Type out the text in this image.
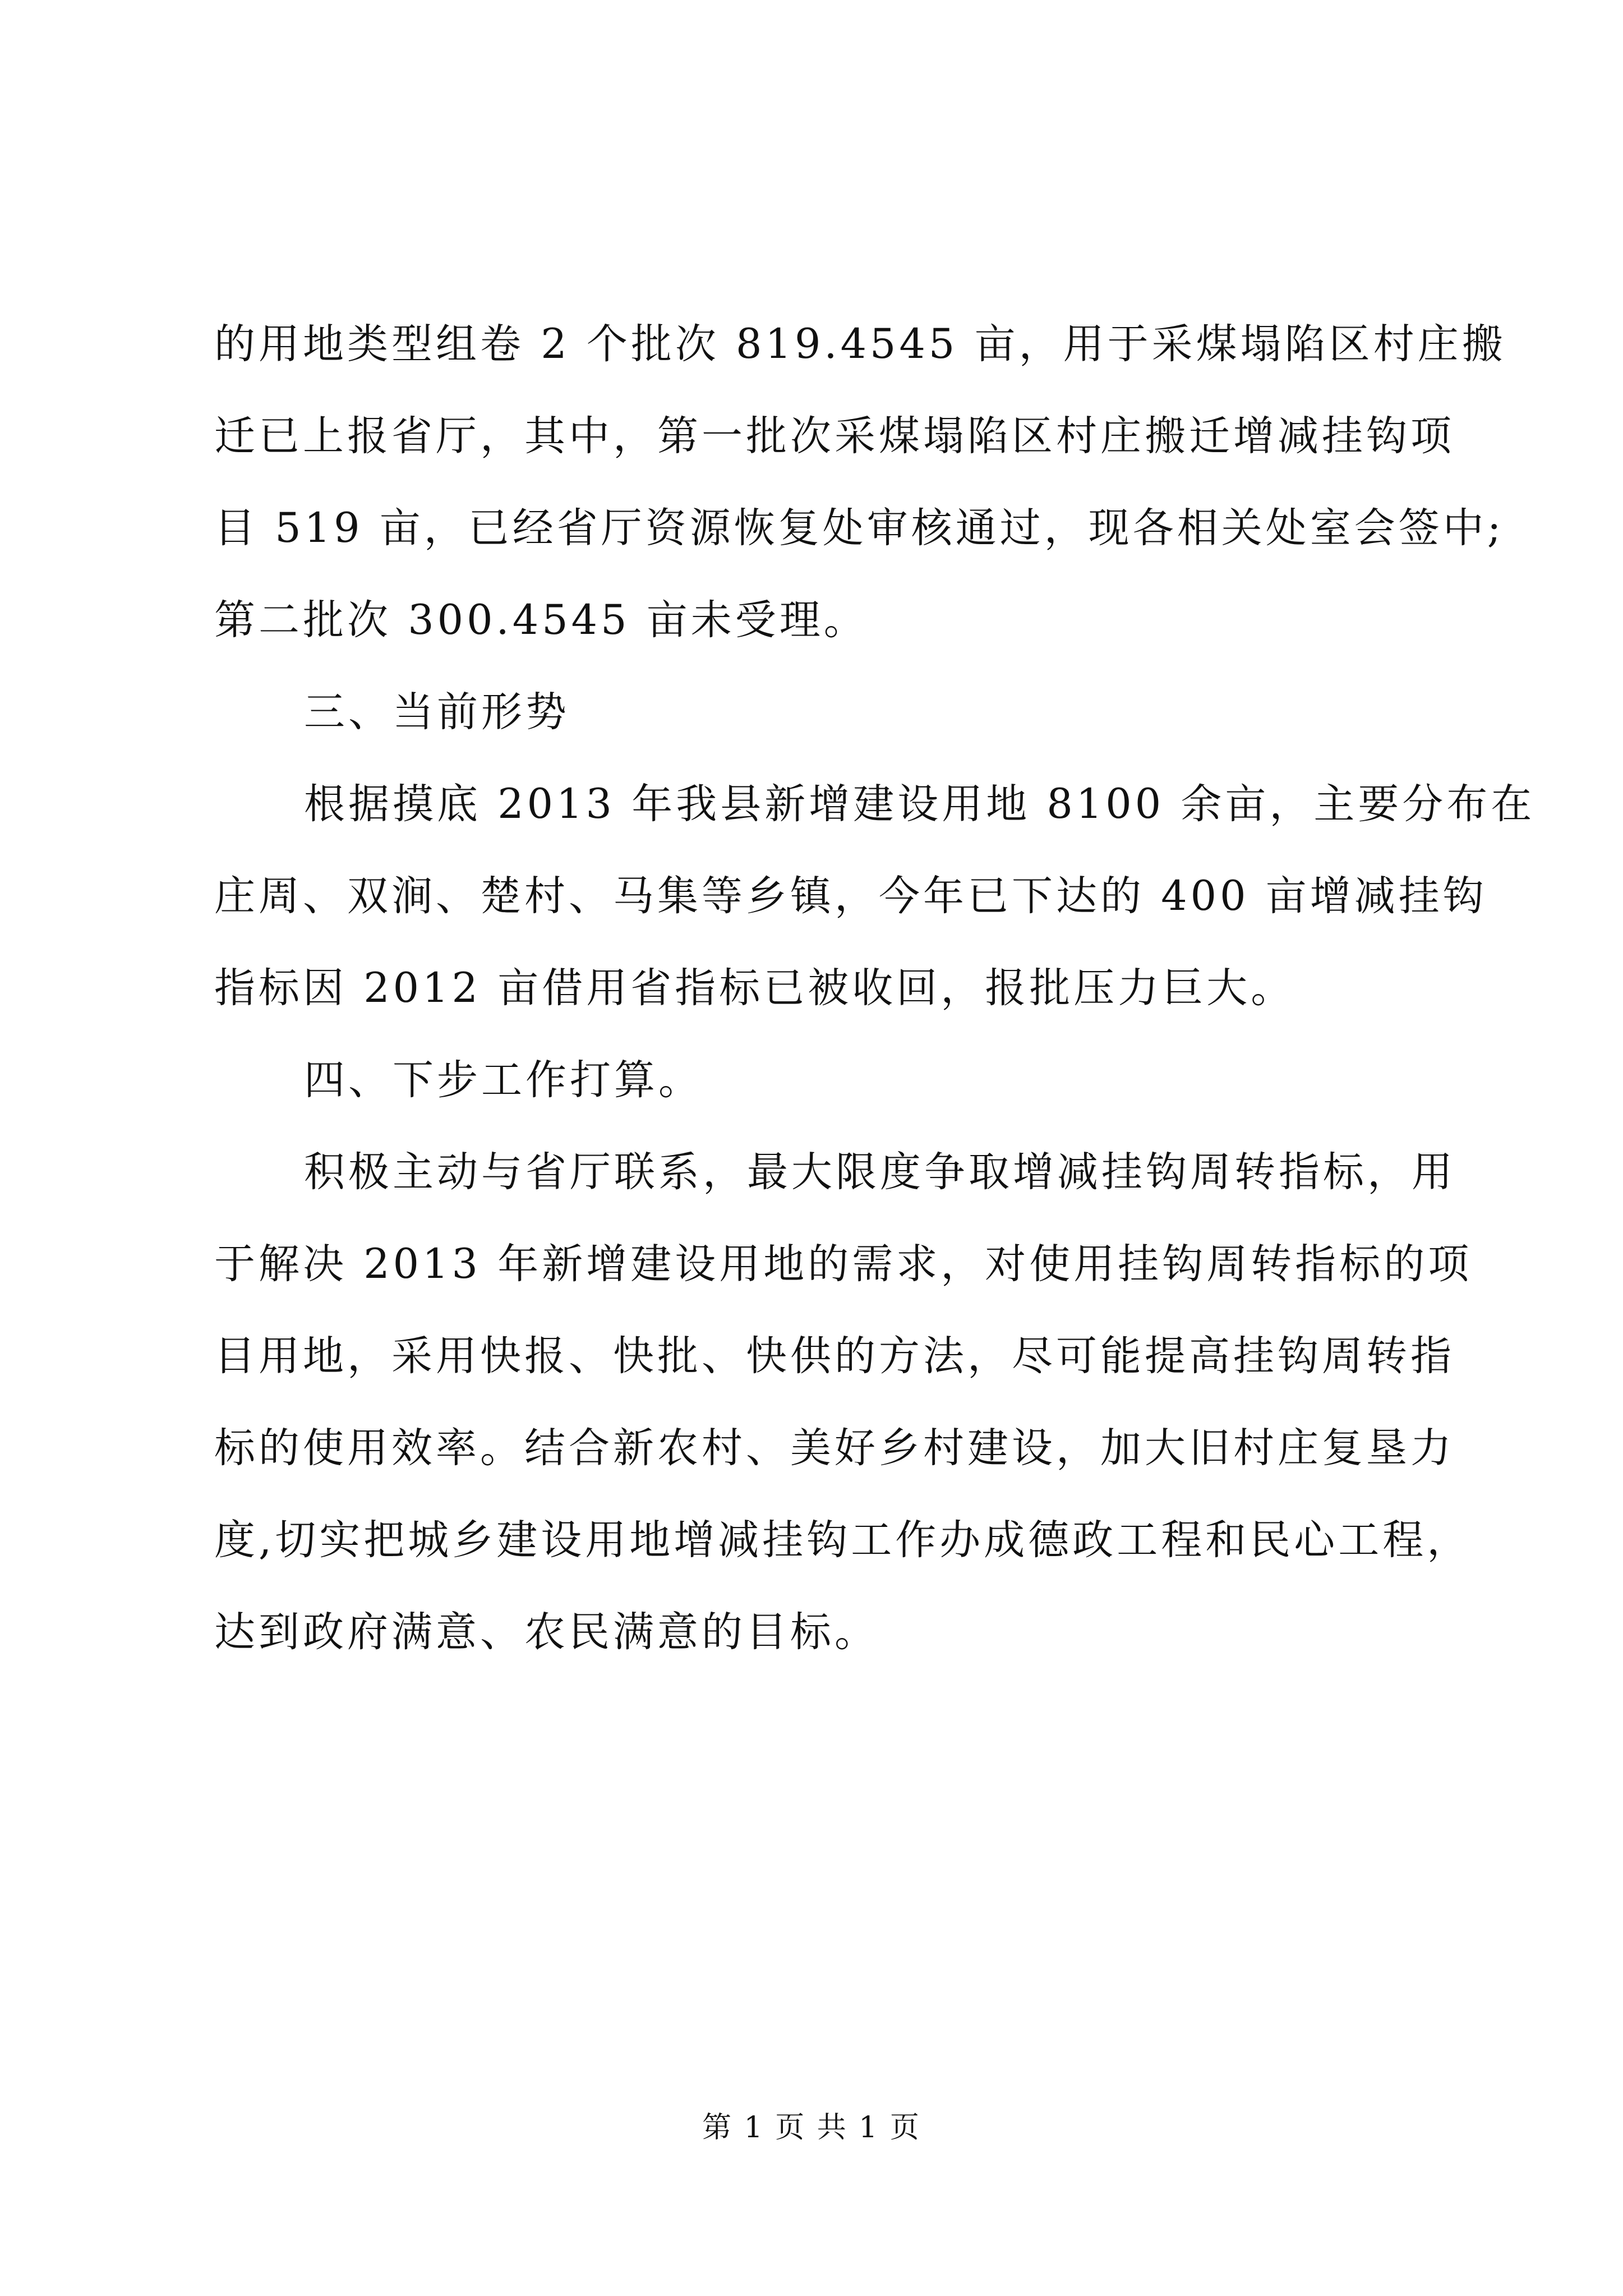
的用地类型组卷 2 个批次 819.4545 亩，用于采煤塌陷区村庄搬
迁已上报省厅，其中，第一批次采煤塌陷区村庄搬迁增减挂钩项
目 519 亩，已经省厅资源恢复处审核通过，现各相关处室会签中;
第二批次 300.4545 亩未受理。
三、当前形势
根据摸底 2013 年我县新增建设用地 8100 余亩，主要分布在
庄周、双涧、楚村、马集等乡镇，今年已下达的 400 亩增减挂钩
指标因 2012 亩借用省指标已被收回，报批压力巨大。
四、下步工作打算。
积极主动与省厅联系，最大限度争取增减挂钩周转指标，用
于解决 2013 年新增建设用地的需求，对使用挂钩周转指标的项
目用地，采用快报、快批、快供的方法，尽可能提高挂钩周转指
标的使用效率。结合新农村、美好乡村建设，加大旧村庄复垦力
度,切实把城乡建设用地增减挂钩工作办成德政工程和民心工程，
达到政府满意、农民满意的目标。
第 1 页 共 1 页
